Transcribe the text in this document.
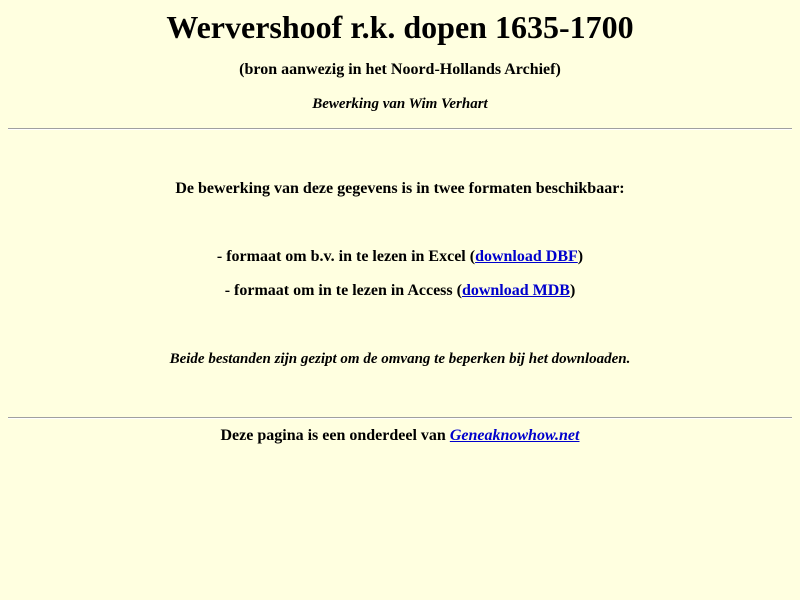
Wervershoof r.k. dopen 1635-1700

(bron aanwezig in het Noord-Hollands Archief)

Bewerking van Wim Verhart

De bewerking van deze gegevens is in twee formaten beschikbaar:

- formaat om b.v. in te lezen in Excel (download DBF)

- formaat om in te lezen in Access (download MDB)

Beide bestanden zijn gezipt om de omvang te beperken bij het downloaden.

Deze pagina is een onderdeel van Geneaknowhow.net
